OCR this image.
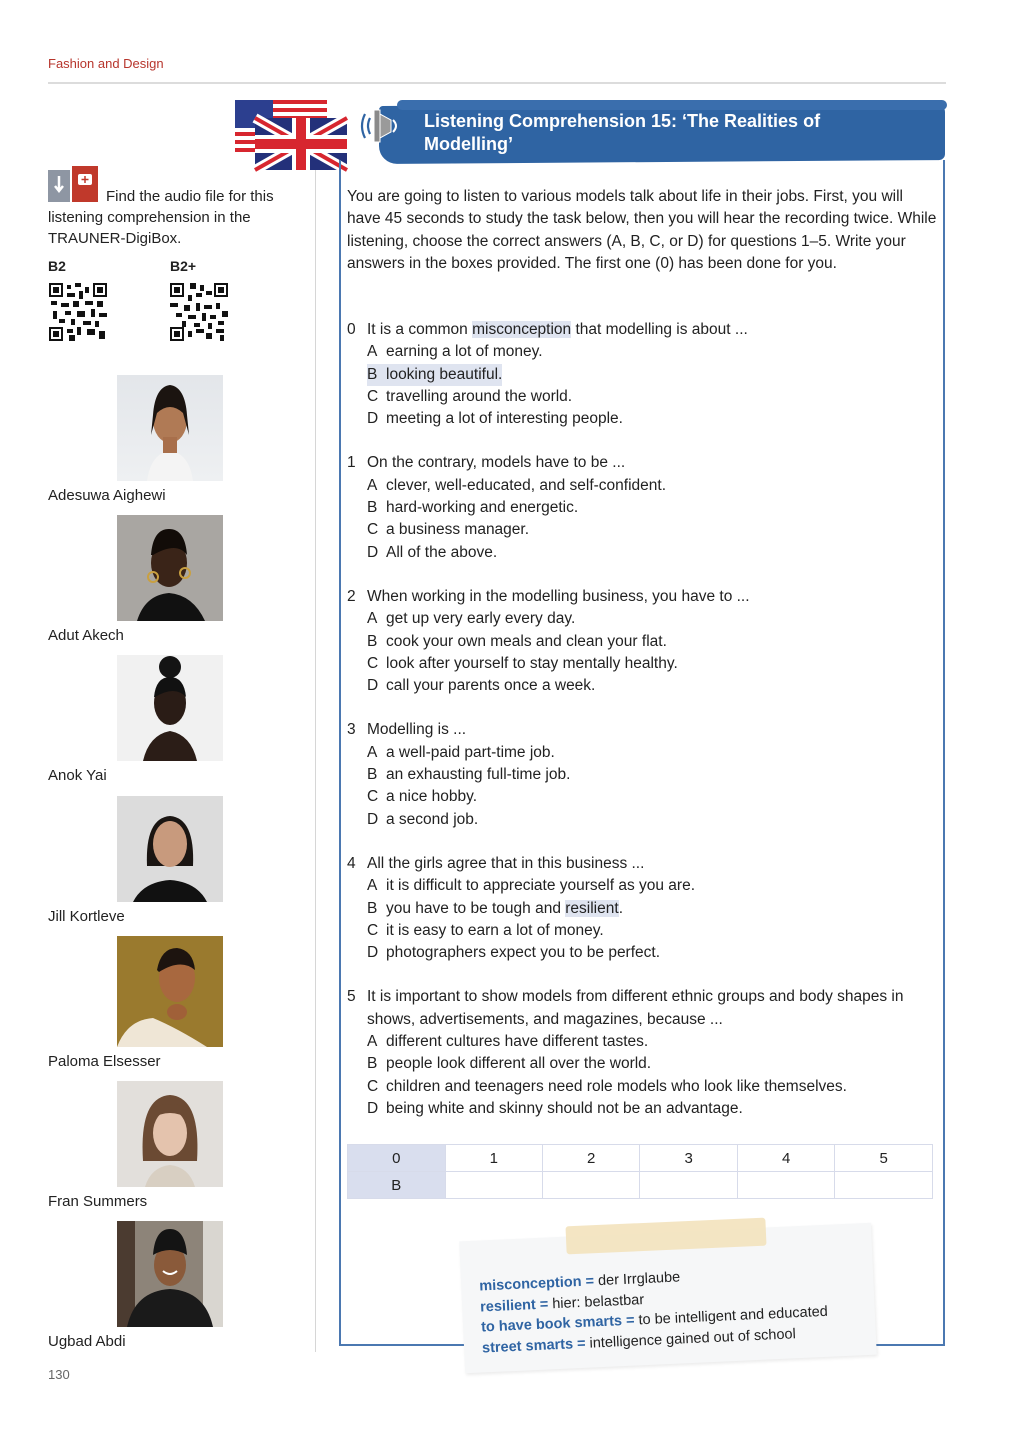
Fashion and Design
Listening Comprehension 15: ‘The Realities of Modelling’
You are going to listen to various models talk about life in their jobs. First, you will have 45 seconds to study the task below, then you will hear the recording twice. While listening, choose the correct answers (A, B, C, or D) for questions 1–5. Write your answers in the boxes provided. The first one (0) has been done for you.
0 It is a common misconception that modelling is about ...
A earning a lot of money.
B looking beautiful.
C travelling around the world.
D meeting a lot of interesting people.
1 On the contrary, models have to be ...
A clever, well-educated, and self-confident.
B hard-working and energetic.
C a business manager.
D All of the above.
2 When working in the modelling business, you have to ...
A get up very early every day.
B cook your own meals and clean your flat.
C look after yourself to stay mentally healthy.
D call your parents once a week.
3 Modelling is ...
A a well-paid part-time job.
B an exhausting full-time job.
C a nice hobby.
D a second job.
4 All the girls agree that in this business ...
A it is difficult to appreciate yourself as you are.
B you have to be tough and resilient.
C it is easy to earn a lot of money.
D photographers expect you to be perfect.
5 It is important to show models from different ethnic groups and body shapes in shows, advertisements, and magazines, because ...
A different cultures have different tastes.
B people look different all over the world.
C children and teenagers need role models who look like themselves.
D being white and skinny should not be an advantage.
0	1	2	3	4	5
B					
misconception = der Irrglaube
resilient = hier: belastbar
to have book smarts = to be intelligent and educated
street smarts = intelligence gained out of school
Find the audio file for this listening comprehension in the TRAUNER-DigiBox.
B2	B2+
Adesuwa Aighewi
Adut Akech
Anok Yai
Jill Kortleve
Paloma Elsesser
Fran Summers
Ugbad Abdi
130
